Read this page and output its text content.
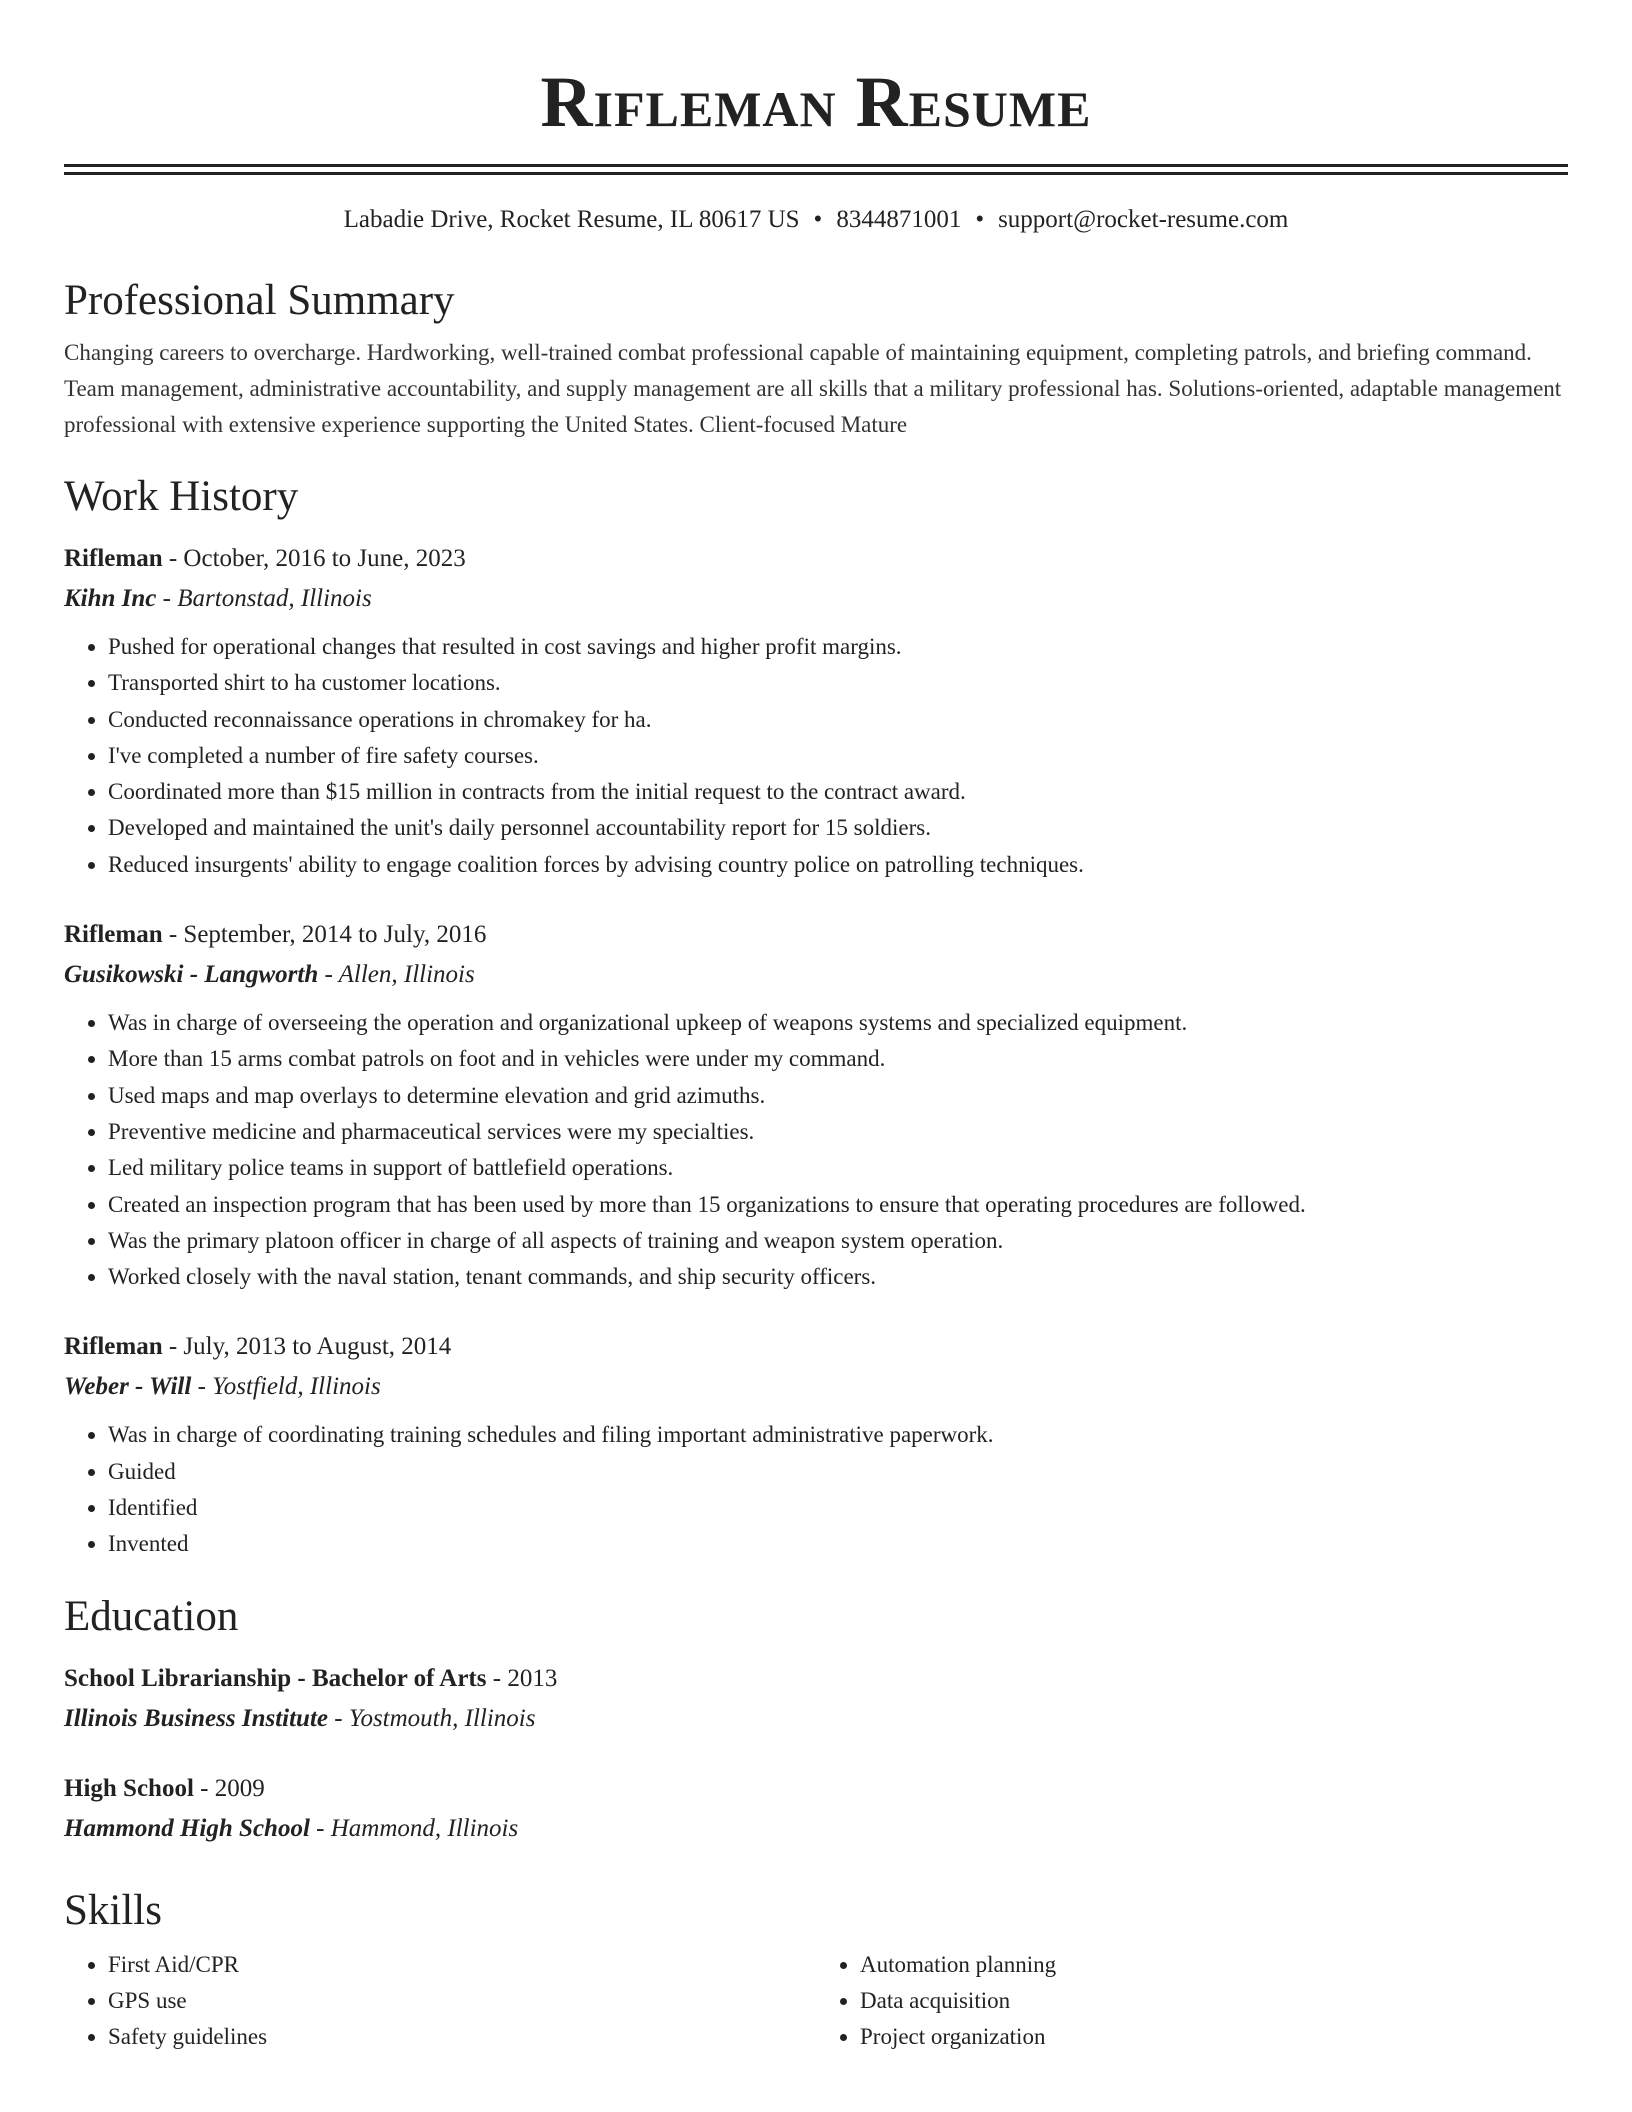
Rifleman Resume
Labadie Drive, Rocket Resume, IL 80617 US • 8344871001 • support@rocket-resume.com
Professional Summary

Changing careers to overcharge. Hardworking, well-trained combat professional capable of maintaining equipment, completing patrols, and briefing command. Team management, administrative accountability, and supply management are all skills that a military professional has. Solutions-oriented, adaptable management professional with extensive experience supporting the United States. Client-focused Mature

Work History
Rifleman - October, 2016 to June, 2023
Kihn Inc - Bartonstad, Illinois
• Pushed for operational changes that resulted in cost savings and higher profit margins.
• Transported shirt to ha customer locations.
• Conducted reconnaissance operations in chromakey for ha.
• I've completed a number of fire safety courses.
• Coordinated more than $15 million in contracts from the initial request to the contract award.
• Developed and maintained the unit's daily personnel accountability report for 15 soldiers.
• Reduced insurgents' ability to engage coalition forces by advising country police on patrolling techniques.
Rifleman - September, 2014 to July, 2016
Gusikowski - Langworth - Allen, Illinois
• Was in charge of overseeing the operation and organizational upkeep of weapons systems and specialized equipment.
• More than 15 arms combat patrols on foot and in vehicles were under my command.
• Used maps and map overlays to determine elevation and grid azimuths.
• Preventive medicine and pharmaceutical services were my specialties.
• Led military police teams in support of battlefield operations.
• Created an inspection program that has been used by more than 15 organizations to ensure that operating procedures are followed.
• Was the primary platoon officer in charge of all aspects of training and weapon system operation.
• Worked closely with the naval station, tenant commands, and ship security officers.
Rifleman - July, 2013 to August, 2014
Weber - Will - Yostfield, Illinois
• Was in charge of coordinating training schedules and filing important administrative paperwork.
• Guided
• Identified
• Invented
Education
School Librarianship - Bachelor of Arts - 2013
Illinois Business Institute - Yostmouth, Illinois
High School - 2009
Hammond High School - Hammond, Illinois
Skills
• First Aid/CPR
• GPS use
• Safety guidelines
• Automation planning
• Data acquisition
• Project organization
